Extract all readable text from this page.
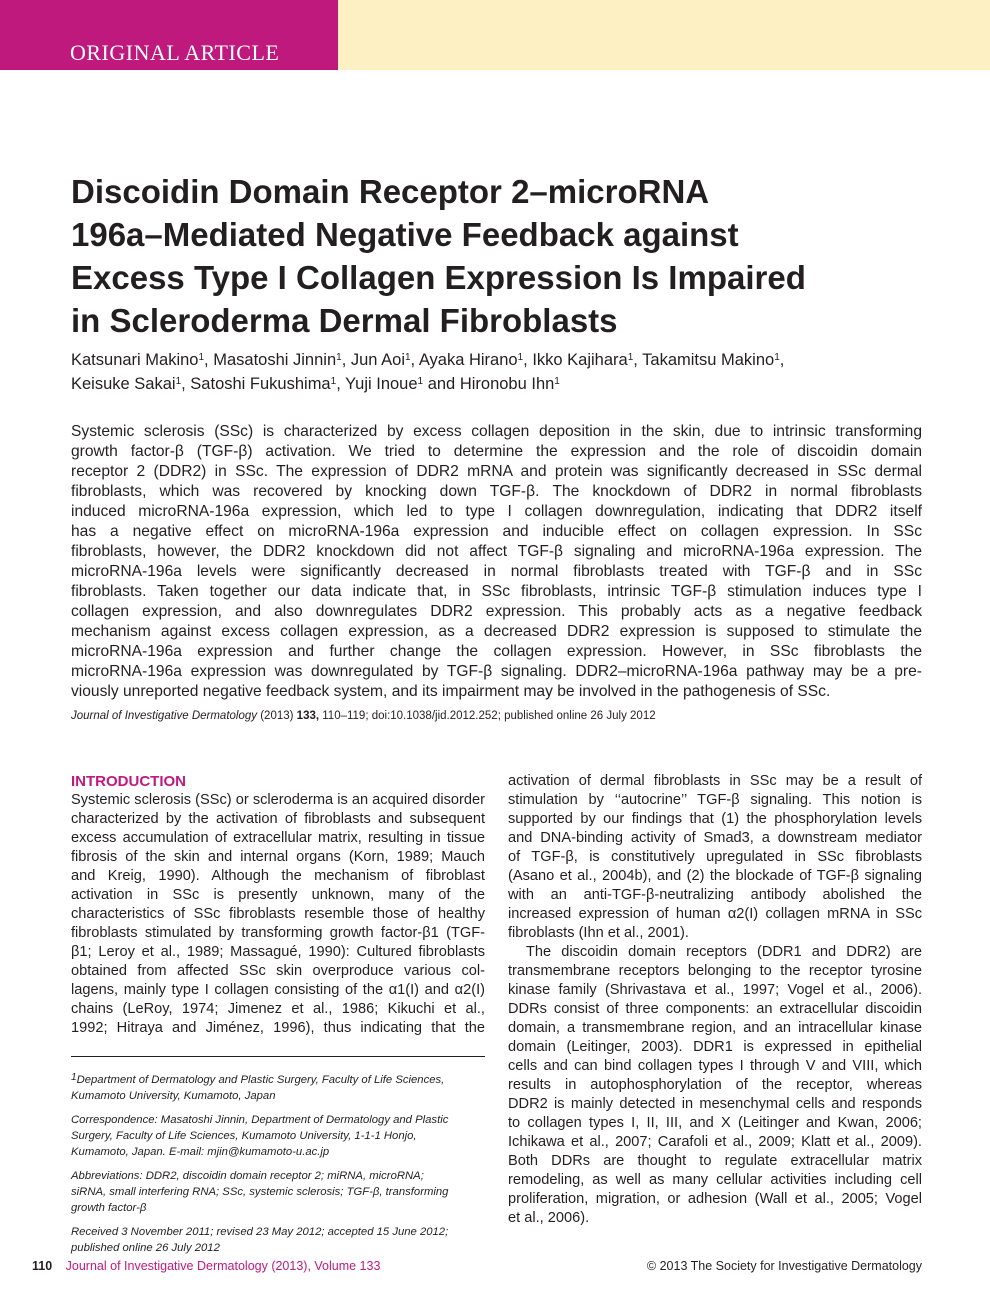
ORIGINAL ARTICLE
Discoidin Domain Receptor 2–microRNA
196a–Mediated Negative Feedback against
Excess Type I Collagen Expression Is Impaired
in Scleroderma Dermal Fibroblasts
Katsunari Makino$^1$, Masatoshi Jinnin$^1$, Jun Aoi$^1$, Ayaka Hirano$^1$, Ikko Kajihara$^1$, Takamitsu Makino$^1$,
Keisuke Sakai$^1$, Satoshi Fukushima$^1$, Yuji Inoue$^1$ and Hironobu Ihn$^1$
Systemic sclerosis (SSc) is characterized by excess collagen deposition in the skin, due to intrinsic transforming
growth factor-β (TGF-β) activation. We tried to determine the expression and the role of discoidin domain
receptor 2 (DDR2) in SSc. The expression of DDR2 mRNA and protein was significantly decreased in SSc dermal
fibroblasts, which was recovered by knocking down TGF-β. The knockdown of DDR2 in normal fibroblasts
induced microRNA-196a expression, which led to type I collagen downregulation, indicating that DDR2 itself
has a negative effect on microRNA-196a expression and inducible effect on collagen expression. In SSc
fibroblasts, however, the DDR2 knockdown did not affect TGF-β signaling and microRNA-196a expression. The
microRNA-196a levels were significantly decreased in normal fibroblasts treated with TGF-β and in SSc
fibroblasts. Taken together our data indicate that, in SSc fibroblasts, intrinsic TGF-β stimulation induces type I
collagen expression, and also downregulates DDR2 expression. This probably acts as a negative feedback
mechanism against excess collagen expression, as a decreased DDR2 expression is supposed to stimulate the
microRNA-196a expression and further change the collagen expression. However, in SSc fibroblasts the
microRNA-196a expression was downregulated by TGF-β signaling. DDR2–microRNA-196a pathway may be a pre-
viously unreported negative feedback system, and its impairment may be involved in the pathogenesis of SSc.
Journal of Investigative Dermatology (2013) 133, 110–119; doi:10.1038/jid.2012.252; published online 26 July 2012
INTRODUCTION
Systemic sclerosis (SSc) or scleroderma is an acquired disorder
characterized by the activation of fibroblasts and subsequent
excess accumulation of extracellular matrix, resulting in tissue
fibrosis of the skin and internal organs (Korn, 1989; Mauch
and Kreig, 1990). Although the mechanism of fibroblast
activation in SSc is presently unknown, many of the
characteristics of SSc fibroblasts resemble those of healthy
fibroblasts stimulated by transforming growth factor-β1 (TGF-
β1; Leroy et al., 1989; Massagué, 1990): Cultured fibroblasts
obtained from affected SSc skin overproduce various col-
lagens, mainly type I collagen consisting of the α1(I) and α2(I)
chains (LeRoy, 1974; Jimenez et al., 1986; Kikuchi et al.,
1992; Hitraya and Jiménez, 1996), thus indicating that the

$^1$Department of Dermatology and Plastic Surgery, Faculty of Life Sciences,
Kumamoto University, Kumamoto, Japan

Correspondence: Masatoshi Jinnin, Department of Dermatology and Plastic
Surgery, Faculty of Life Sciences, Kumamoto University, 1-1-1 Honjo,
Kumamoto, Japan. E-mail: mjin@kumamoto-u.ac.jp

Abbreviations: DDR2, discoidin domain receptor 2; miRNA, microRNA;
siRNA, small interfering RNA; SSc, systemic sclerosis; TGF-β, transforming
growth factor-β

Received 3 November 2011; revised 23 May 2012; accepted 15 June 2012;
published online 26 July 2012

activation of dermal fibroblasts in SSc may be a result of
stimulation by ‘‘autocrine’’ TGF-β signaling. This notion is
supported by our findings that (1) the phosphorylation levels
and DNA-binding activity of Smad3, a downstream mediator
of TGF-β, is constitutively upregulated in SSc fibroblasts
(Asano et al., 2004b), and (2) the blockade of TGF-β signaling
with an anti-TGF-β-neutralizing antibody abolished the
increased expression of human α2(I) collagen mRNA in SSc
fibroblasts (Ihn et al., 2001).
The discoidin domain receptors (DDR1 and DDR2) are
transmembrane receptors belonging to the receptor tyrosine
kinase family (Shrivastava et al., 1997; Vogel et al., 2006).
DDRs consist of three components: an extracellular discoidin
domain, a transmembrane region, and an intracellular kinase
domain (Leitinger, 2003). DDR1 is expressed in epithelial
cells and can bind collagen types I through V and VIII, which
results in autophosphorylation of the receptor, whereas
DDR2 is mainly detected in mesenchymal cells and responds
to collagen types I, II, III, and X (Leitinger and Kwan, 2006;
Ichikawa et al., 2007; Carafoli et al., 2009; Klatt et al., 2009).
Both DDRs are thought to regulate extracellular matrix
remodeling, as well as many cellular activities including cell
proliferation, migration, or adhesion (Wall et al., 2005; Vogel
et al., 2006).
110 Journal of Investigative Dermatology (2013), Volume 133	© 2013 The Society for Investigative Dermatology
